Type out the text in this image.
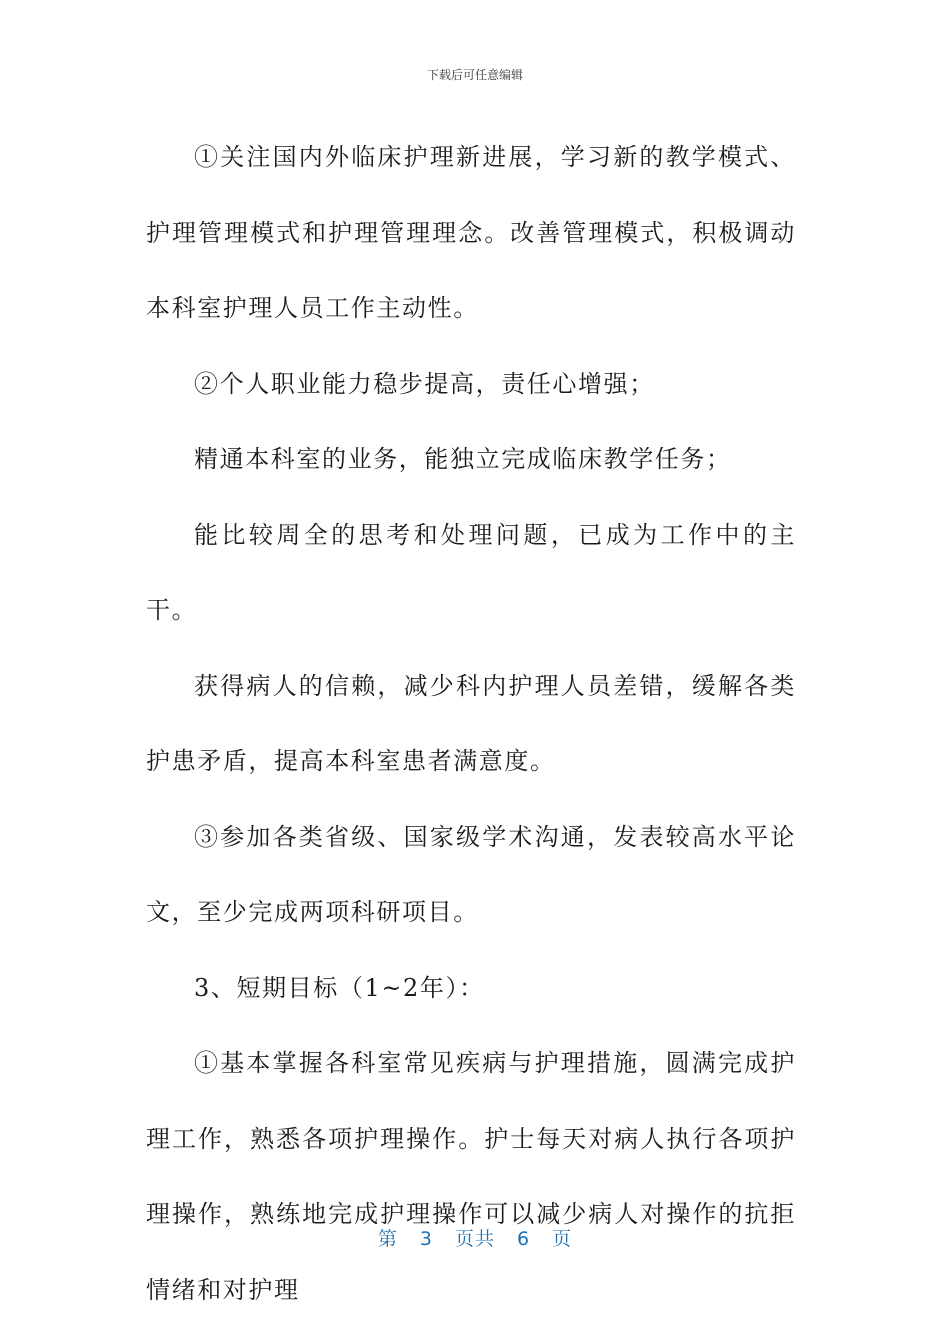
下载后可任意编辑

①关注国内外临床护理新进展，学习新的教学模式、护理管理模式和护理管理理念。改善管理模式，积极调动本科室护理人员工作主动性。

②个人职业能力稳步提高，责任心增强；

精通本科室的业务，能独立完成临床教学任务；

能比较周全的思考和处理问题，已成为工作中的主干。

获得病人的信赖，减少科内护理人员差错，缓解各类护患矛盾，提高本科室患者满意度。

③参加各类省级、国家级学术沟通，发表较高水平论文，至少完成两项科研项目。

3、短期目标（1~2年）：

①基本掌握各科室常见疾病与护理措施，圆满完成护理工作，熟悉各项护理操作。护士每天对病人执行各项护理操作，熟练地完成护理操作可以减少病人对操作的抗拒情绪和对护理

第 3 页共 6 页
